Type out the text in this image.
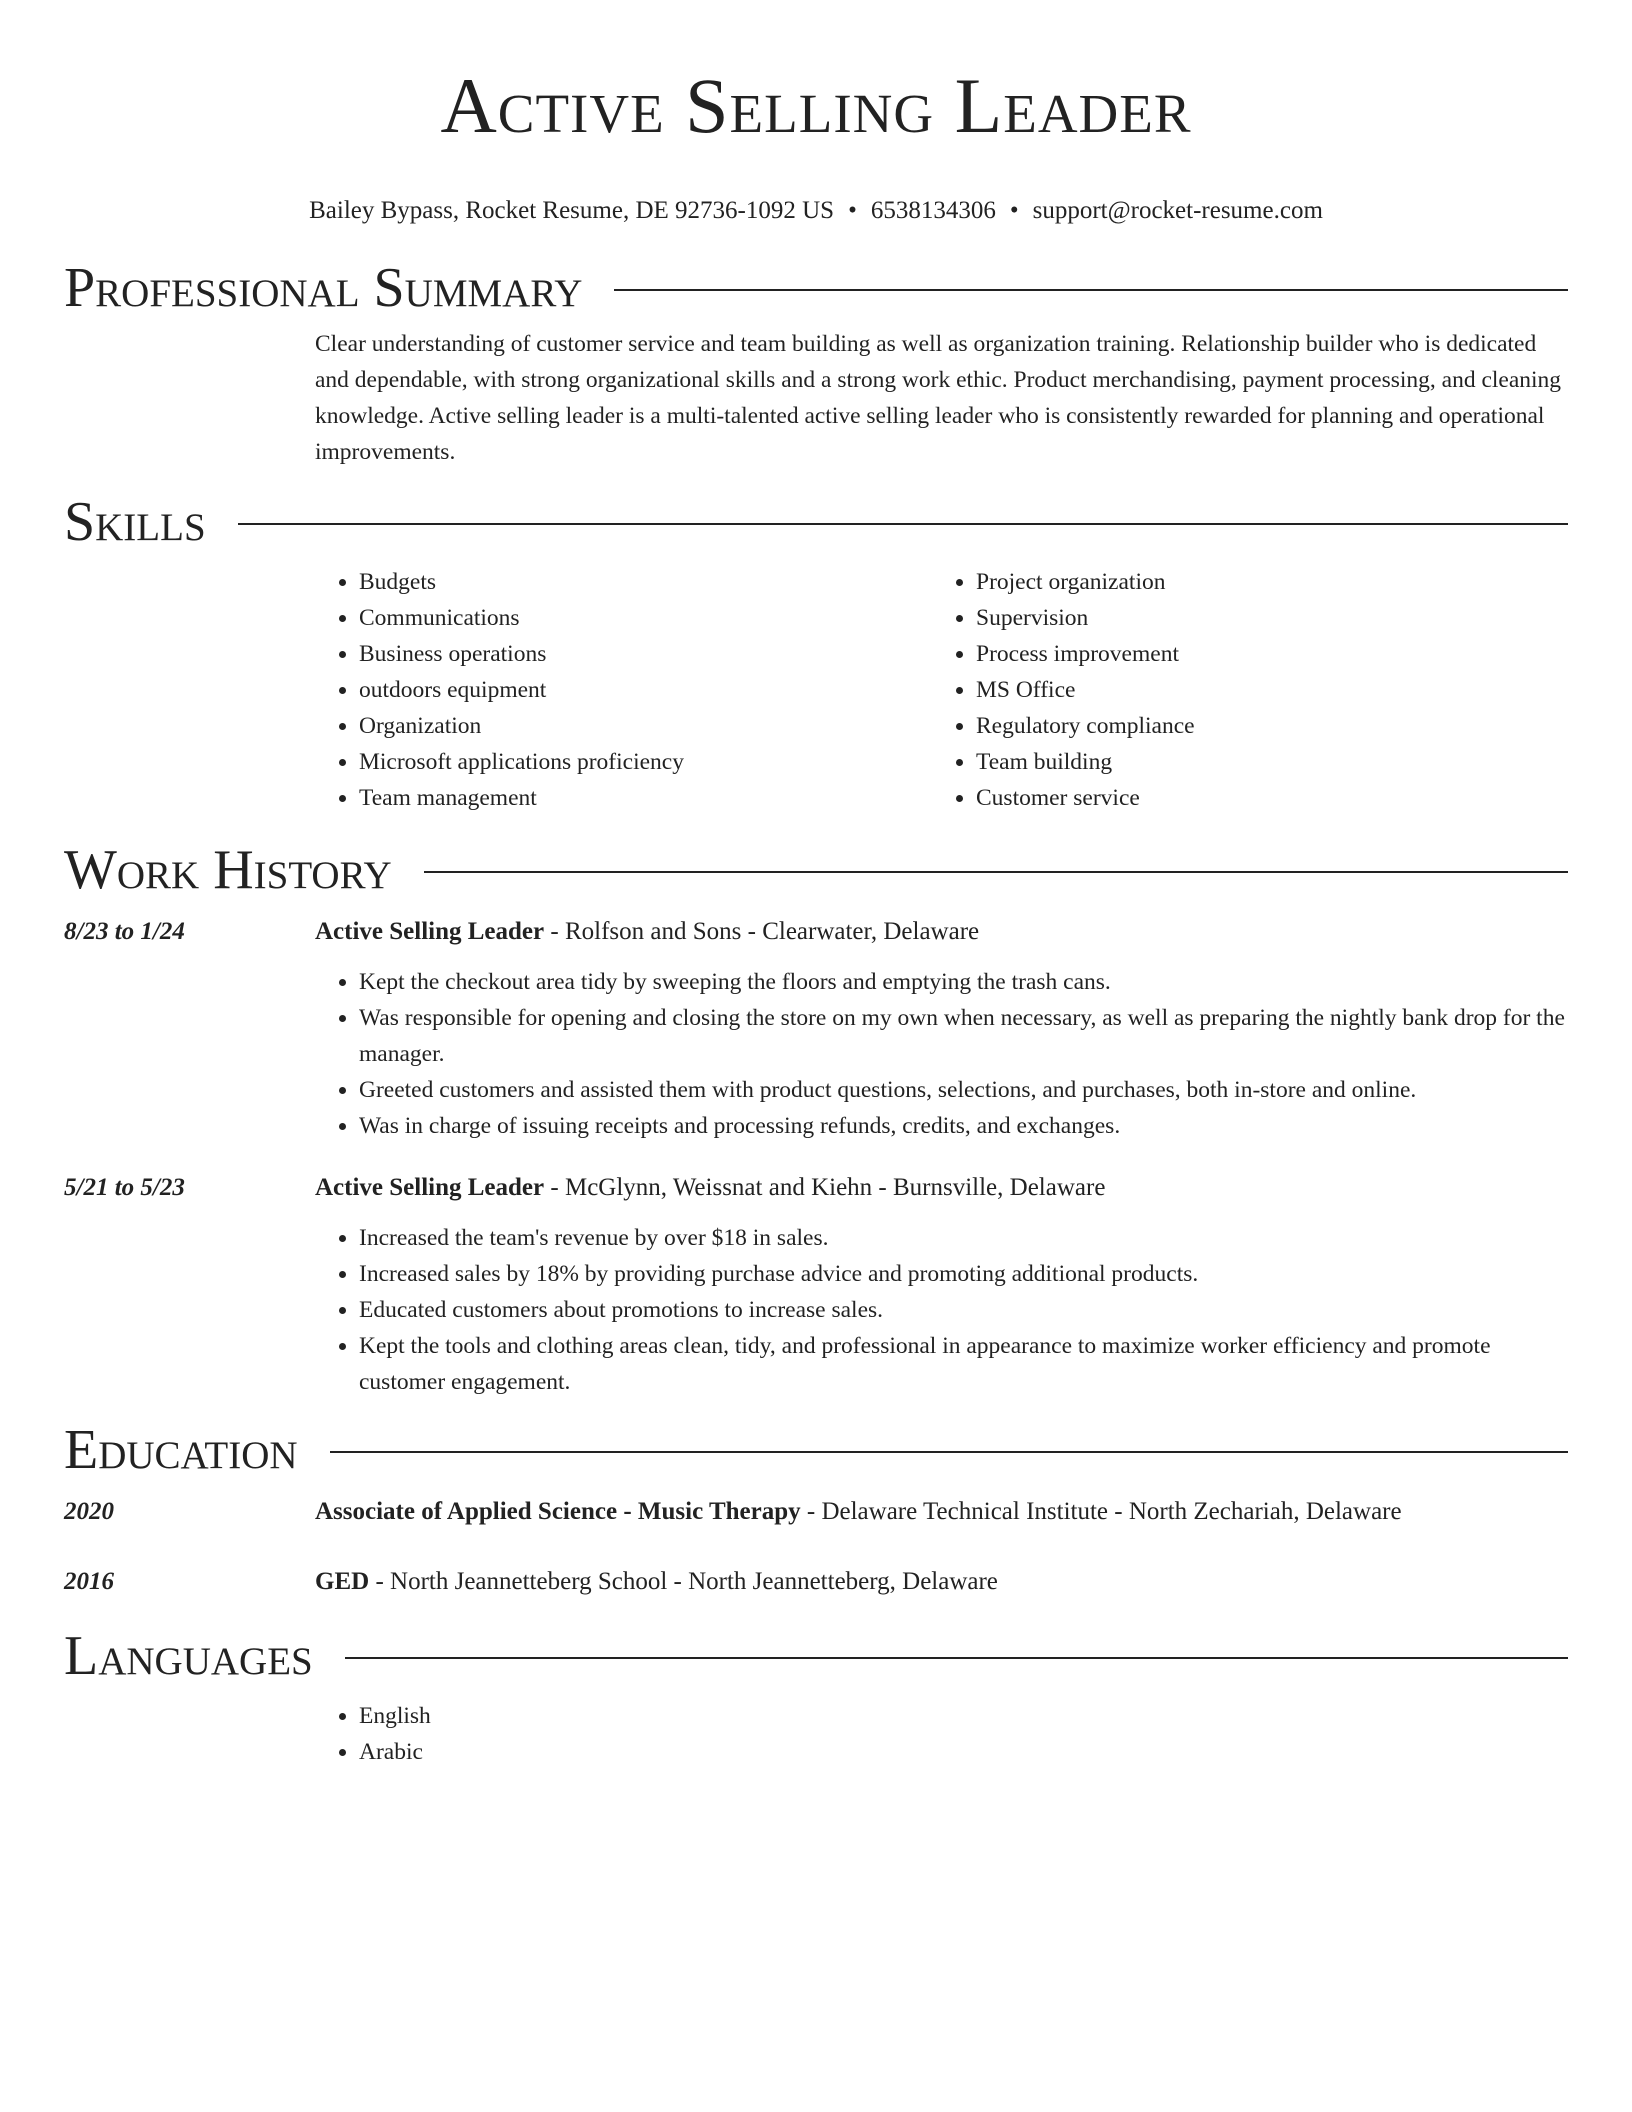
Active Selling Leader
Bailey Bypass, Rocket Resume, DE 92736-1092 US • 6538134306 • support@rocket-resume.com
Professional Summary

Clear understanding of customer service and team building as well as organization training. Relationship builder who is dedicated and dependable, with strong organizational skills and a strong work ethic. Product merchandising, payment processing, and cleaning knowledge. Active selling leader is a multi-talented active selling leader who is consistently rewarded for planning and operational improvements.

Skills
• Budgets
• Communications
• Business operations
• outdoors equipment
• Organization
• Microsoft applications proficiency
• Team management
• Project organization
• Supervision
• Process improvement
• MS Office
• Regulatory compliance
• Team building
• Customer service
Work History
8/23 to 1/24	Active Selling Leader - Rolfson and Sons - Clearwater, Delaware
• Kept the checkout area tidy by sweeping the floors and emptying the trash cans.
• Was responsible for opening and closing the store on my own when necessary, as well as preparing the nightly bank drop for the manager.
• Greeted customers and assisted them with product questions, selections, and purchases, both in-store and online.
• Was in charge of issuing receipts and processing refunds, credits, and exchanges.
5/21 to 5/23	Active Selling Leader - McGlynn, Weissnat and Kiehn - Burnsville, Delaware
• Increased the team's revenue by over $18 in sales.
• Increased sales by 18% by providing purchase advice and promoting additional products.
• Educated customers about promotions to increase sales.
• Kept the tools and clothing areas clean, tidy, and professional in appearance to maximize worker efficiency and promote customer engagement.
Education
2020	Associate of Applied Science - Music Therapy - Delaware Technical Institute - North Zechariah, Delaware
2016	GED - North Jeannetteberg School - North Jeannetteberg, Delaware
Languages
• English
• Arabic
